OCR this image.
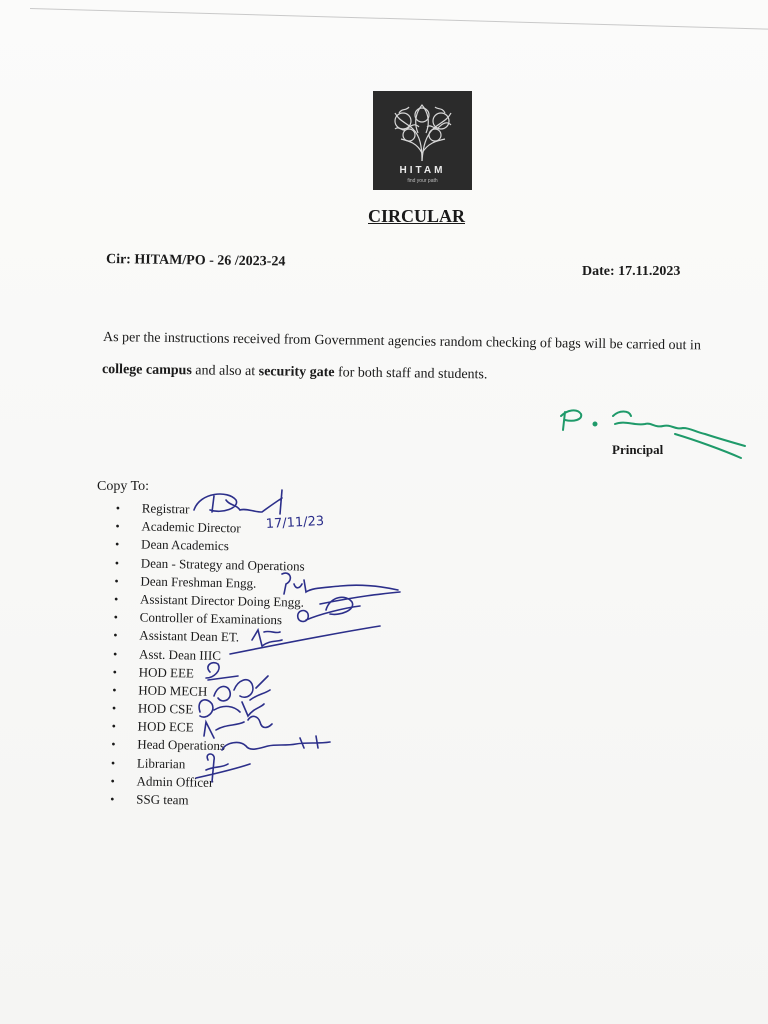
HITAM
find your path
CIRCULAR
Cir: HITAM/PO - 26 /2023-24
Date: 17.11.2023
As per the instructions received from Government agencies random checking of bags will be carried out in
college campus and also at security gate for both staff and students.
Principal
Copy To:
• Registrar
• Academic Director
• Dean Academics
• Dean - Strategy and Operations
• Dean Freshman Engg.
• Assistant Director Doing Engg.
• Controller of Examinations
• Assistant Dean ET.
• Asst. Dean IIIC
• HOD EEE
• HOD MECH
• HOD CSE
• HOD ECE
• Head Operations
• Librarian
• Admin Officer
• SSG team
17/11/23
